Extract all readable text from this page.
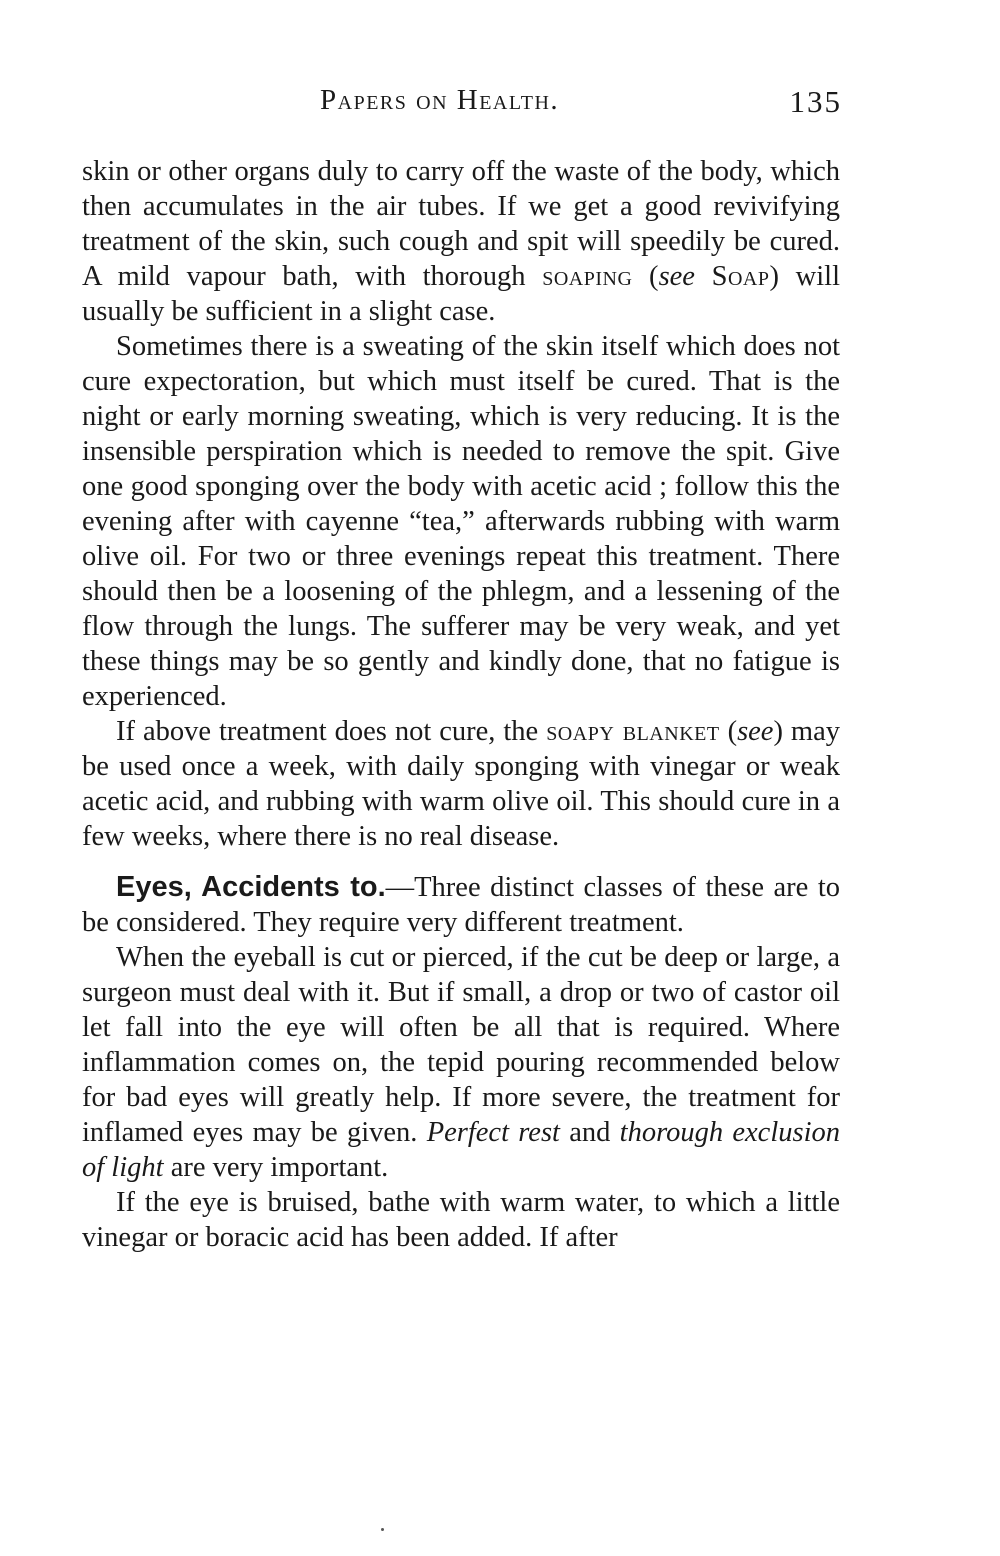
Papers on Health.	135

skin or other organs duly to carry off the waste of the body, which then accumulates in the air tubes. If we get a good revivifying treatment of the skin, such cough and spit will speedily be cured. A mild vapour bath, with thorough soaping (see Soap) will usually be sufficient in a slight case.

Sometimes there is a sweating of the skin itself which does not cure expectoration, but which must itself be cured. That is the night or early morning sweating, which is very reducing. It is the insensible perspiration which is needed to remove the spit. Give one good sponging over the body with acetic acid ; follow this the evening after with cayenne “tea,” afterwards rubbing with warm olive oil. For two or three evenings repeat this treatment. There should then be a loosening of the phlegm, and a lessening of the flow through the lungs. The sufferer may be very weak, and yet these things may be so gently and kindly done, that no fatigue is experienced.

If above treatment does not cure, the soapy blanket (see) may be used once a week, with daily sponging with vinegar or weak acetic acid, and rubbing with warm olive oil. This should cure in a few weeks, where there is no real disease.

Eyes, Accidents to.—Three distinct classes of these are to be considered. They require very different treatment.

When the eyeball is cut or pierced, if the cut be deep or large, a surgeon must deal with it. But if small, a drop or two of castor oil let fall into the eye will often be all that is required. Where inflammation comes on, the tepid pouring recommended below for bad eyes will greatly help. If more severe, the treatment for inflamed eyes may be given. Perfect rest and thorough exclusion of light are very important.

If the eye is bruised, bathe with warm water, to which a little vinegar or boracic acid has been added. If after
